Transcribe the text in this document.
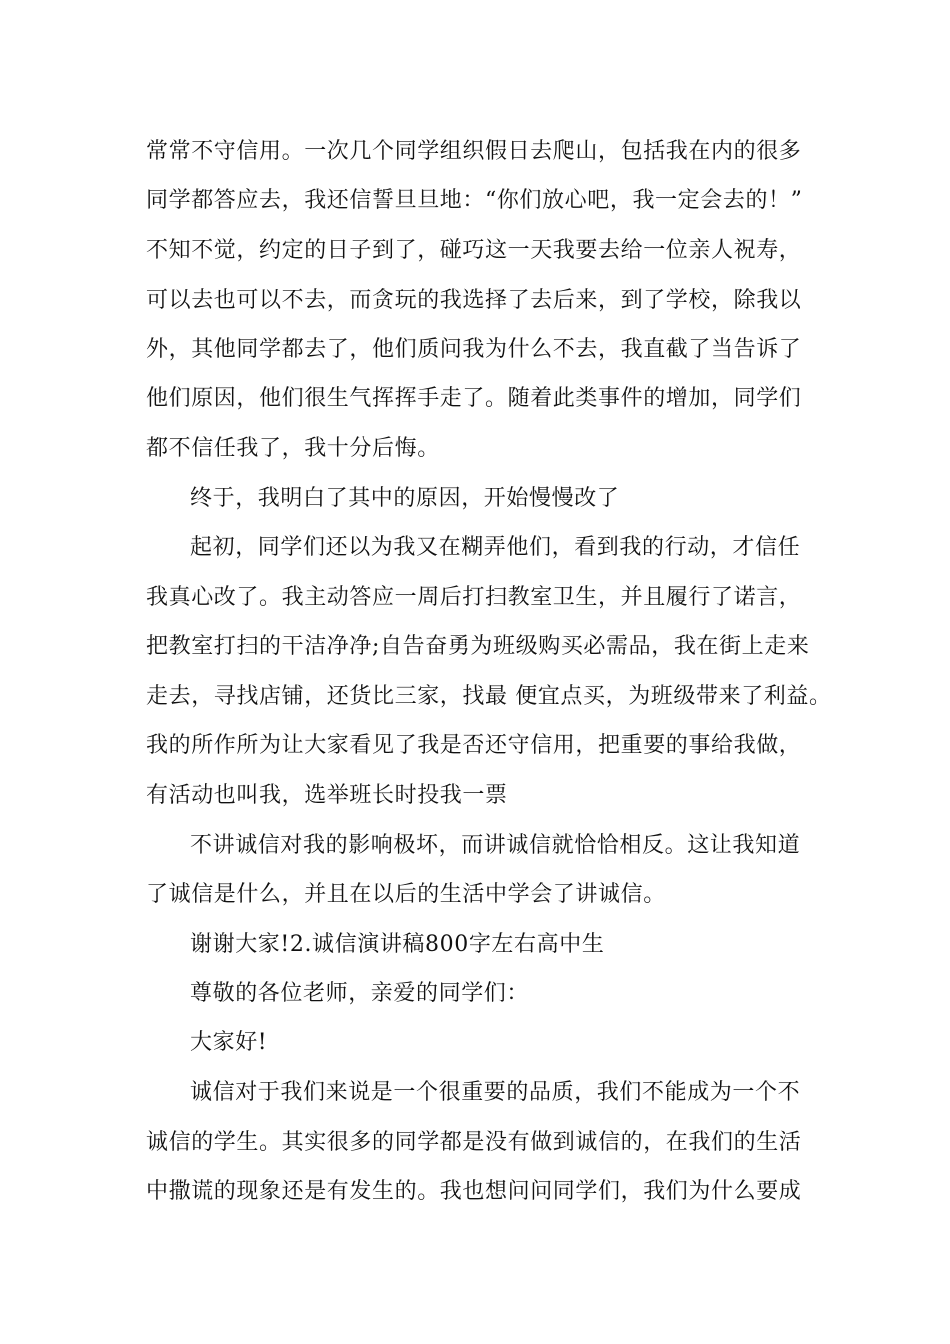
常常不守信用。一次几个同学组织假日去爬山，包括我在内的很多
同学都答应去，我还信誓旦旦地：“你们放心吧，我一定会去的！”
不知不觉，约定的日子到了，碰巧这一天我要去给一位亲人祝寿，
可以去也可以不去，而贪玩的我选择了去后来，到了学校，除我以
外，其他同学都去了，他们质问我为什么不去，我直截了当告诉了
他们原因，他们很生气挥挥手走了。随着此类事件的增加，同学们
都不信任我了，我十分后悔。
终于，我明白了其中的原因，开始慢慢改了
起初，同学们还以为我又在糊弄他们，看到我的行动，才信任
我真心改了。我主动答应一周后打扫教室卫生，并且履行了诺言，
把教室打扫的干洁净净;自告奋勇为班级购买必需品，我在街上走来
走去，寻找店铺，还货比三家，找最 便宜点买，为班级带来了利益。
我的所作所为让大家看见了我是否还守信用，把重要的事给我做，
有活动也叫我，选举班长时投我一票
不讲诚信对我的影响极坏，而讲诚信就恰恰相反。这让我知道
了诚信是什么，并且在以后的生活中学会了讲诚信。
谢谢大家!2.诚信演讲稿800字左右高中生
尊敬的各位老师，亲爱的同学们：
大家好!
诚信对于我们来说是一个很重要的品质，我们不能成为一个不
诚信的学生。其实很多的同学都是没有做到诚信的，在我们的生活
中撒谎的现象还是有发生的。我也想问问同学们，我们为什么要成
